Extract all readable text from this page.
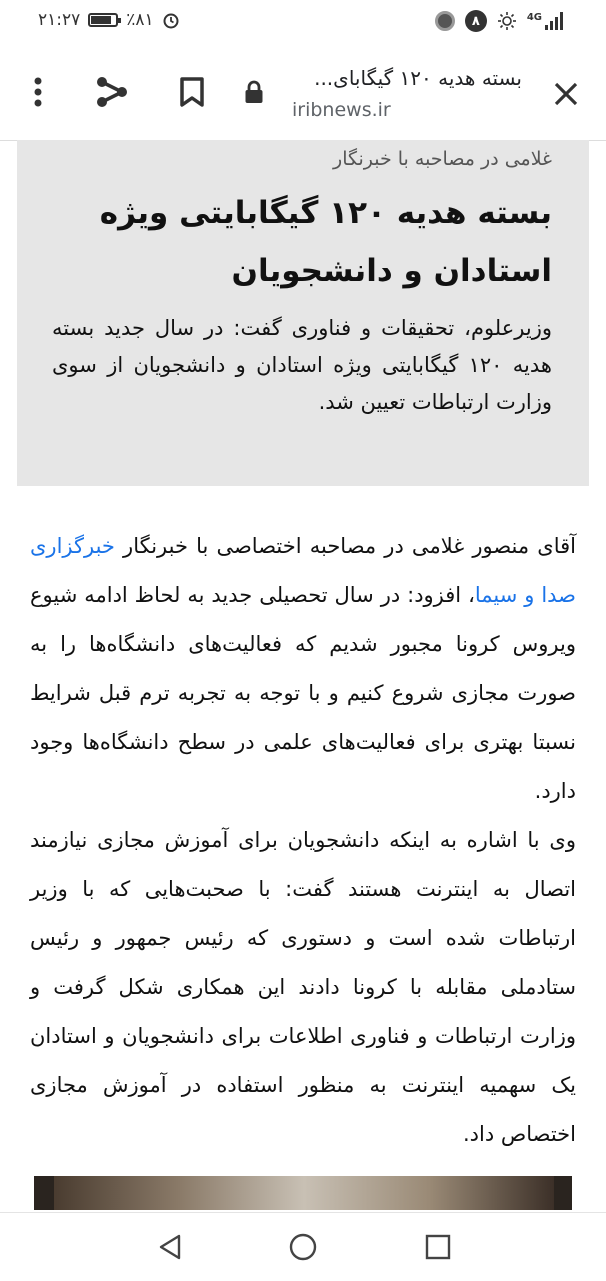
۲۱:۲۷	٪۸۱	۸	4G
بسته هدیه ۱۲۰ گیگابای...
iribnews.ir
غلامی در مصاحبه با خبرنگار
بسته هدیه ۱۲۰ گیگابایتی ویژه استادان و دانشجویان
وزیرعلوم، تحقیقات و فناوری گفت: در سال جدید بسته هدیه ۱۲۰ گیگابایتی ویژه استادان و دانشجویان از سوی وزارت ارتباطات تعیین شد.

آقای منصور غلامی در مصاحبه اختصاصی با خبرنگار خبرگزاری صدا و سیما، افزود: در سال تحصیلی جدید به لحاظ ادامه شیوع ویروس کرونا مجبور شدیم که فعالیت‌های دانشگاه‌ها را به صورت مجازی شروع کنیم و با توجه به تجربه ترم قبل شرایط نسبتا بهتری برای فعالیت‌های علمی در سطح دانشگاه‌ها وجود دارد.

وی با اشاره به اینکه دانشجویان برای آموزش مجازی نیازمند اتصال به اینترنت هستند گفت: با صحبت‌هایی که با وزیر ارتباطات شده است و دستوری که رئیس جمهور و رئیس ستادملی مقابله با کرونا دادند این همکاری شکل گرفت و وزارت ارتباطات و فناوری اطلاعات برای دانشجویان و استادان یک سهمیه اینترنت به منظور استفاده در آموزش مجازی اختصاص داد.
